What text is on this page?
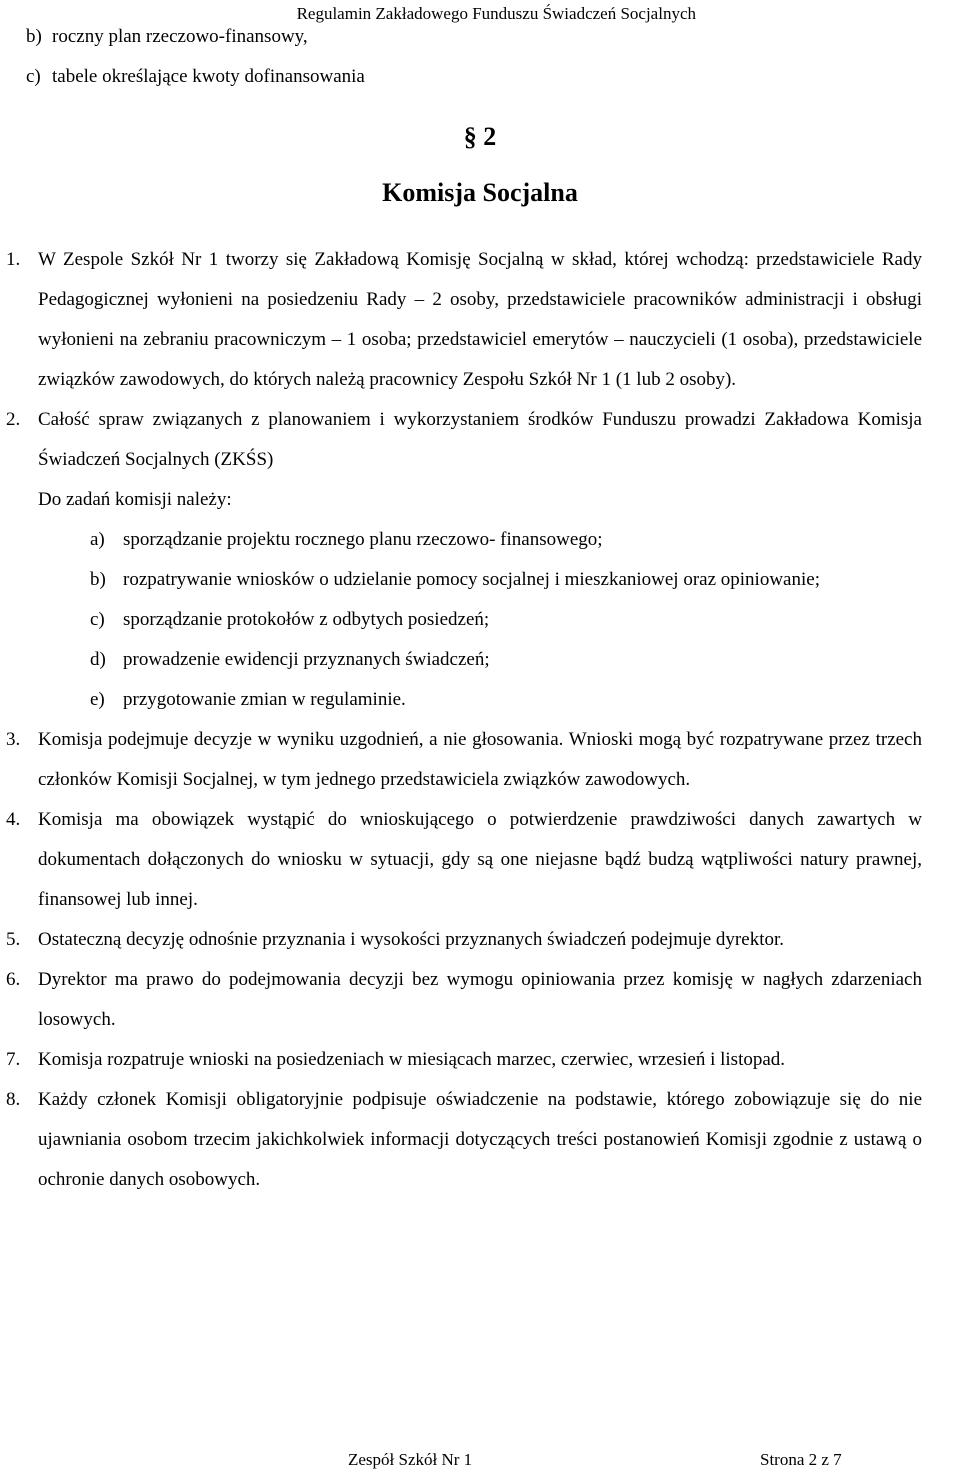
Regulamin Zakładowego Funduszu Świadczeń Socjalnych
b) roczny plan rzeczowo-finansowy,
c) tabele określające kwoty dofinansowania
§ 2
Komisja Socjalna
1. W Zespole Szkół Nr 1 tworzy się Zakładową Komisję Socjalną w skład, której wchodzą: przedstawiciele Rady Pedagogicznej wyłonieni na posiedzeniu Rady – 2 osoby, przedstawiciele pracowników administracji i obsługi wyłonieni na zebraniu pracowniczym – 1 osoba; przedstawiciel emerytów – nauczycieli (1 osoba), przedstawiciele związków zawodowych, do których należą pracownicy Zespołu Szkół Nr 1 (1 lub 2 osoby).
2. Całość spraw związanych z planowaniem i wykorzystaniem środków Funduszu prowadzi Zakładowa Komisja Świadczeń Socjalnych (ZKŚS)
Do zadań komisji należy:
a) sporządzanie projektu rocznego planu rzeczowo- finansowego;
b) rozpatrywanie wniosków o udzielanie pomocy socjalnej i mieszkaniowej oraz opiniowanie;
c) sporządzanie protokołów z odbytych posiedzeń;
d) prowadzenie ewidencji przyznanych świadczeń;
e) przygotowanie zmian w regulaminie.
3. Komisja podejmuje decyzje w wyniku uzgodnień, a nie głosowania. Wnioski mogą być rozpatrywane przez trzech członków Komisji Socjalnej, w tym jednego przedstawiciela związków zawodowych.
4. Komisja ma obowiązek wystąpić do wnioskującego o potwierdzenie prawdziwości danych zawartych w dokumentach dołączonych do wniosku w sytuacji, gdy są one niejasne bądź budzą wątpliwości natury prawnej, finansowej lub innej.
5. Ostateczną decyzję odnośnie przyznania i wysokości przyznanych świadczeń podejmuje dyrektor.
6. Dyrektor ma prawo do podejmowania decyzji bez wymogu opiniowania przez komisję w nagłych zdarzeniach losowych.
7. Komisja rozpatruje wnioski na posiedzeniach w miesiącach marzec, czerwiec, wrzesień i listopad.
8. Każdy członek Komisji obligatoryjnie podpisuje oświadczenie na podstawie, którego zobowiązuje się do nie ujawniania osobom trzecim jakichkolwiek informacji dotyczących treści postanowień Komisji zgodnie z ustawą o ochronie danych osobowych.
Zespół Szkół Nr 1	Strona 2 z 7
